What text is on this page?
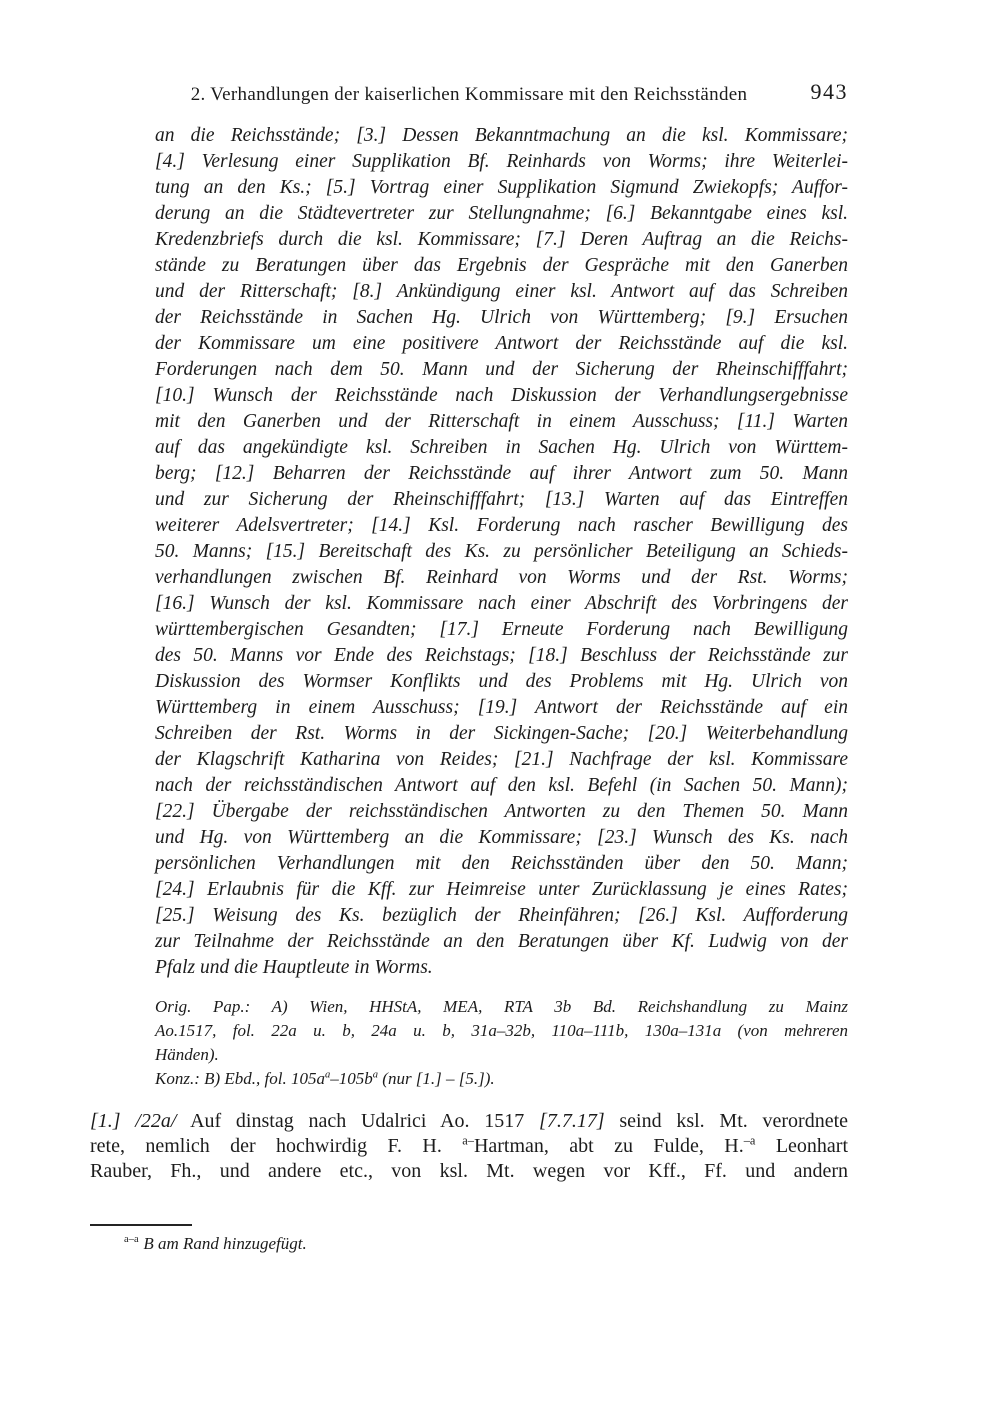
2. Verhandlungen der kaiserlichen Kommissare mit den Reichsständen	943
an die Reichsstände; [3.] Dessen Bekanntmachung an die ksl. Kommissare;
[4.] Verlesung einer Supplikation Bf. Reinhards von Worms; ihre Weiterlei-
tung an den Ks.; [5.] Vortrag einer Supplikation Sigmund Zwiekopfs; Auffor-
derung an die Städtevertreter zur Stellungnahme; [6.] Bekanntgabe eines ksl.
Kredenzbriefs durch die ksl. Kommissare; [7.] Deren Auftrag an die Reichs-
stände zu Beratungen über das Ergebnis der Gespräche mit den Ganerben
und der Ritterschaft; [8.] Ankündigung einer ksl. Antwort auf das Schreiben
der Reichsstände in Sachen Hg. Ulrich von Württemberg; [9.] Ersuchen
der Kommissare um eine positivere Antwort der Reichsstände auf die ksl.
Forderungen nach dem 50. Mann und der Sicherung der Rheinschifffahrt;
[10.] Wunsch der Reichsstände nach Diskussion der Verhandlungsergebnisse
mit den Ganerben und der Ritterschaft in einem Ausschuss; [11.] Warten
auf das angekündigte ksl. Schreiben in Sachen Hg. Ulrich von Württem-
berg; [12.] Beharren der Reichsstände auf ihrer Antwort zum 50. Mann
und zur Sicherung der Rheinschifffahrt; [13.] Warten auf das Eintreffen
weiterer Adelsvertreter; [14.] Ksl. Forderung nach rascher Bewilligung des
50. Manns; [15.] Bereitschaft des Ks. zu persönlicher Beteiligung an Schieds-
verhandlungen zwischen Bf. Reinhard von Worms und der Rst. Worms;
[16.] Wunsch der ksl. Kommissare nach einer Abschrift des Vorbringens der
württembergischen Gesandten; [17.] Erneute Forderung nach Bewilligung
des 50. Manns vor Ende des Reichstags; [18.] Beschluss der Reichsstände zur
Diskussion des Wormser Konflikts und des Problems mit Hg. Ulrich von
Württemberg in einem Ausschuss; [19.] Antwort der Reichsstände auf ein
Schreiben der Rst. Worms in der Sickingen-Sache; [20.] Weiterbehandlung
der Klagschrift Katharina von Reides; [21.] Nachfrage der ksl. Kommissare
nach der reichsständischen Antwort auf den ksl. Befehl (in Sachen 50. Mann);
[22.] Übergabe der reichsständischen Antworten zu den Themen 50. Mann
und Hg. von Württemberg an die Kommissare; [23.] Wunsch des Ks. nach
persönlichen Verhandlungen mit den Reichsständen über den 50. Mann;
[24.] Erlaubnis für die Kff. zur Heimreise unter Zurücklassung je eines Rates;
[25.] Weisung des Ks. bezüglich der Rheinfähren; [26.] Ksl. Aufforderung
zur Teilnahme der Reichsstände an den Beratungen über Kf. Ludwig von der
Pfalz und die Hauptleute in Worms.
Orig. Pap.: A) Wien, HHStA, MEA, RTA 3b Bd. Reichshandlung zu Mainz
Ao.1517, fol. 22a u. b, 24a u. b, 31a–32b, 110a–111b, 130a–131a (von mehreren
Händen).
Konz.: B) Ebd., fol. $105a^a-105b^a$ (nur [1.] – [5.]).
[1.] /22a/ Auf dinstag nach Udalrici Ao. 1517 [7.7.17] seind ksl. Mt. verordnete
rete, nemlich der hochwirdig F. H. $^{a-}$Hartman, abt zu Fulde, H.$^{-a}$ Leonhart
Rauber, Fh., und andere etc., von ksl. Mt. wegen vor Kff., Ff. und andern
$^{a-a}$ B am Rand hinzugefügt.
